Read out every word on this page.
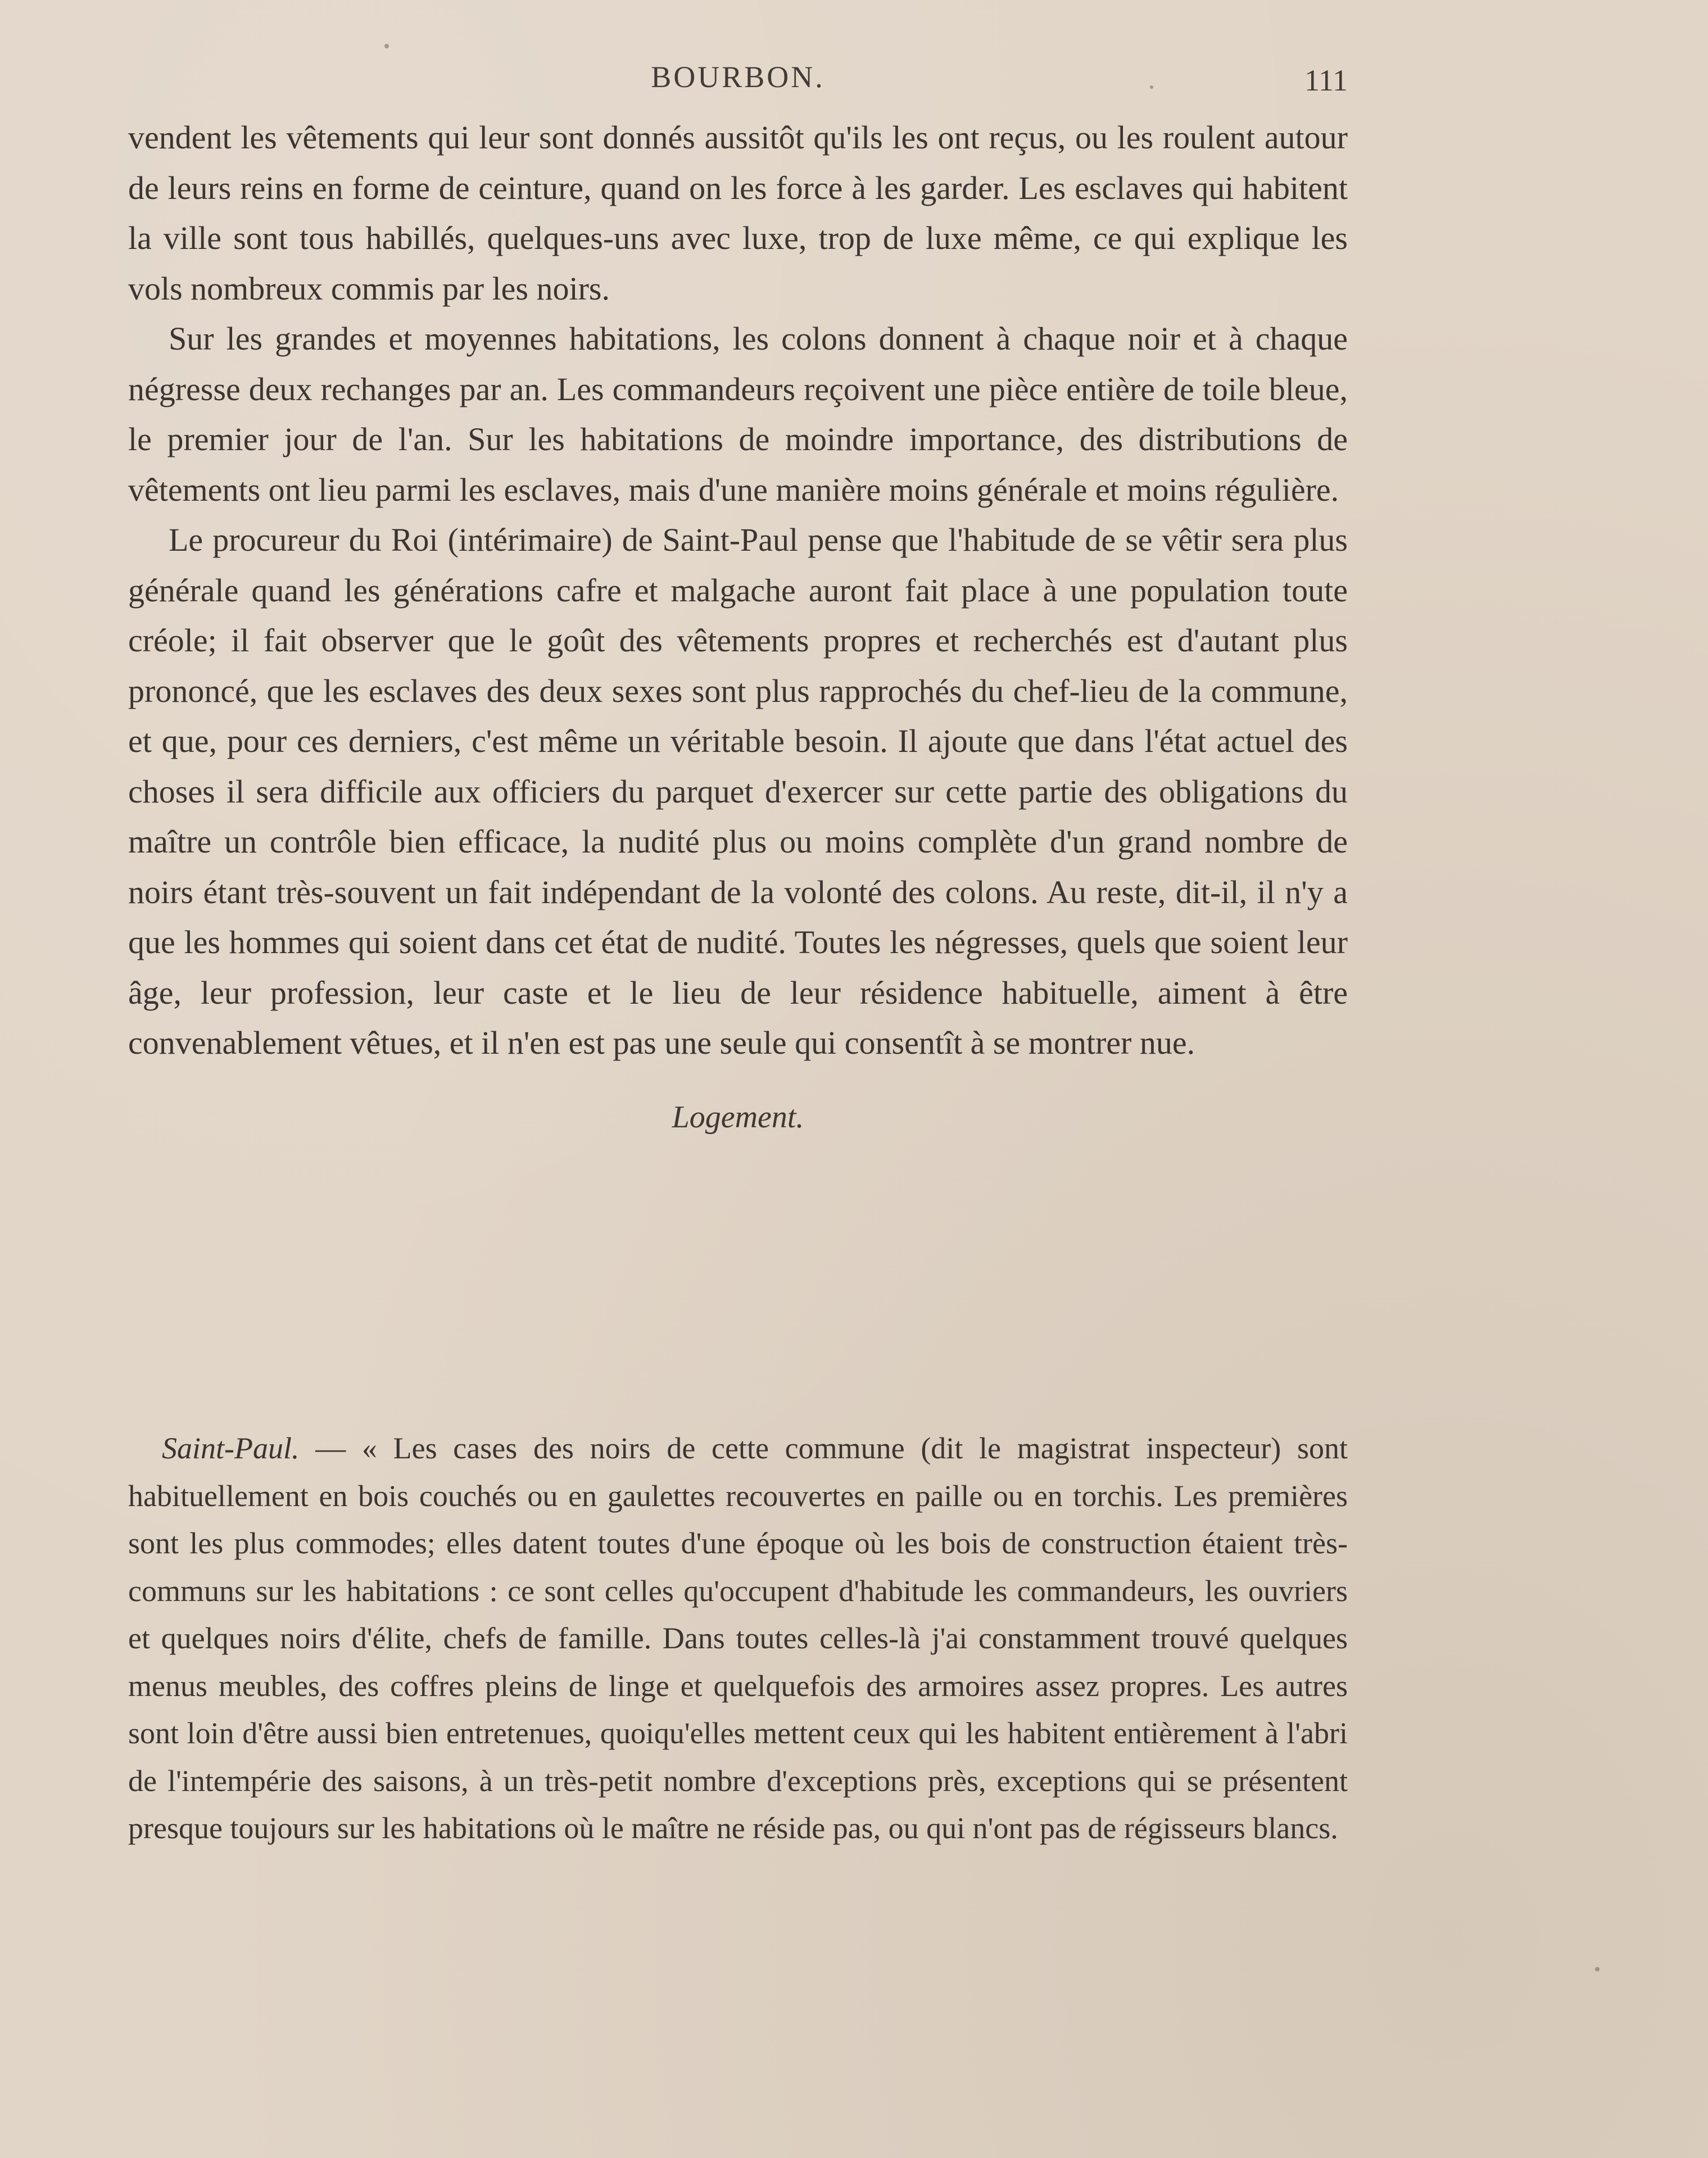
BOURBON.	111

vendent les vêtements qui leur sont donnés aussitôt qu'ils les ont reçus, ou les roulent autour de leurs reins en forme de ceinture, quand on les force à les garder. Les esclaves qui habitent la ville sont tous habillés, quelques-uns avec luxe, trop de luxe même, ce qui explique les vols nombreux commis par les noirs.

Sur les grandes et moyennes habitations, les colons donnent à chaque noir et à chaque négresse deux rechanges par an. Les commandeurs reçoivent une pièce entière de toile bleue, le premier jour de l'an. Sur les habitations de moindre importance, des distributions de vêtements ont lieu parmi les esclaves, mais d'une manière moins générale et moins régulière.

Le procureur du Roi (intérimaire) de Saint-Paul pense que l'habitude de se vêtir sera plus générale quand les générations cafre et malgache auront fait place à une population toute créole; il fait observer que le goût des vêtements propres et recherchés est d'autant plus prononcé, que les esclaves des deux sexes sont plus rapprochés du chef-lieu de la commune, et que, pour ces derniers, c'est même un véritable besoin. Il ajoute que dans l'état actuel des choses il sera difficile aux officiers du parquet d'exercer sur cette partie des obligations du maître un contrôle bien efficace, la nudité plus ou moins complète d'un grand nombre de noirs étant très-souvent un fait indépendant de la volonté des colons. Au reste, dit-il, il n'y a que les hommes qui soient dans cet état de nudité. Toutes les négresses, quels que soient leur âge, leur profession, leur caste et le lieu de leur résidence habituelle, aiment à être convenablement vêtues, et il n'en est pas une seule qui consentît à se montrer nue.

Logement.

Saint-Paul. — « Les cases des noirs de cette commune (dit le magistrat inspecteur) sont habituellement en bois couchés ou en gaulettes recouvertes en paille ou en torchis. Les premières sont les plus commodes; elles datent toutes d'une époque où les bois de construction étaient très-communs sur les habitations : ce sont celles qu'occupent d'habitude les commandeurs, les ouvriers et quelques noirs d'élite, chefs de famille. Dans toutes celles-là j'ai constamment trouvé quelques menus meubles, des coffres pleins de linge et quelquefois des armoires assez propres. Les autres sont loin d'être aussi bien entretenues, quoiqu'elles mettent ceux qui les habitent entièrement à l'abri de l'intempérie des saisons, à un très-petit nombre d'exceptions près, exceptions qui se présentent presque toujours sur les habitations où le maître ne réside pas, ou qui n'ont pas de régisseurs blancs.
